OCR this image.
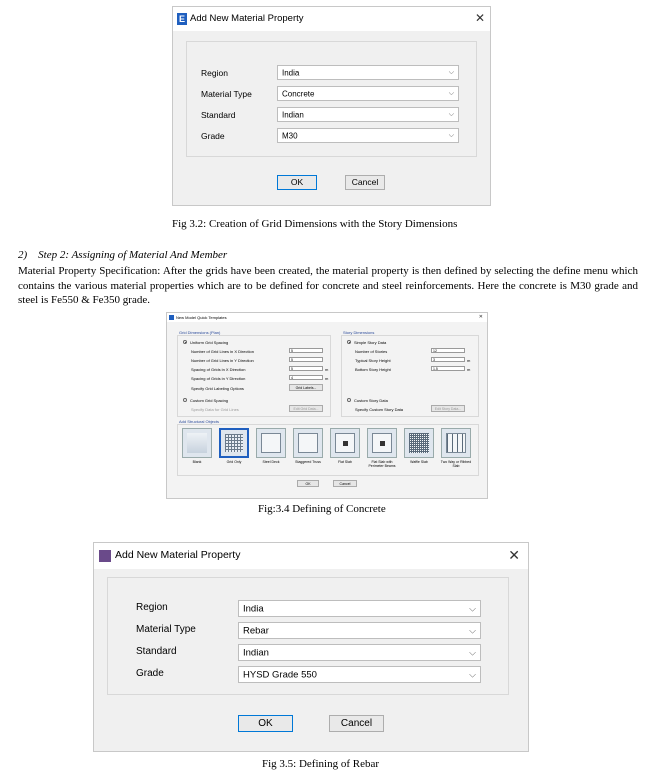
E Add New Material Property	✕
Region	India	⌵
Material Type	Concrete	⌵
Standard	Indian	⌵
Grade	M30	⌵
OK	Cancel
Fig 3.2: Creation of Grid Dimensions with the Story Dimensions
2)    Step 2: Assigning of Material And Member
Material Property Specification: After the grids have been created, the material property is then defined by selecting the define menu which contains the various material properties which are to be defined for concrete and steel reinforcements. Here the concrete is M30 grade and steel is Fe550 & Fe350 grade.
New Model Quick Templates	✕
Grid Dimensions (Plan)
Uniform Grid Spacing
Number of Grid Lines in X Direction	5
Number of Grid Lines in Y Direction	5
Spacing of Grids in X Direction	5	m
Spacing of Grids in Y Direction	4	m
Specify Grid Labeling Options	Grid Labels...
Custom Grid Spacing
Specify Data for Grid Lines	Edit Grid Data...
Story Dimensions
Simple Story Data
Number of Stories	12
Typical Story Height	3	m
Bottom Story Height	1.5	m
Custom Story Data
Specify Custom Story Data	Edit Story Data...
Add Structural Objects
Blank	Grid Only	Steel Deck	Staggered Truss	Flat Slab	Flat Slab with Perimeter Beams
Waffle Slab	Two Way or Ribbed Slab
OK	Cancel
Fig:3.4 Defining of Concrete
Add New Material Property	✕
Region	India	⌵
Material Type	Rebar	⌵
Standard	Indian	⌵
Grade	HYSD Grade 550	⌵
OK	Cancel
Fig 3.5: Defining of Rebar
